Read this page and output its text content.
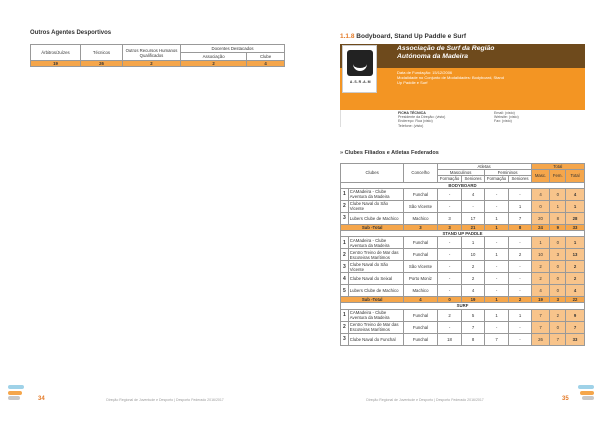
Outros Agentes Desportivos
Árbitros/Juízes	Técnicos	Outros Recursos Humanos Qualificados	Docentes Destacados	
			Associação	Clube
19	26	2	2	4
34	Direção Regional de Juventude e Desporto | Desporto Federado 2016/2017
1.1.8 Bodyboard, Stand Up Paddle e Surf
Associação de Surf da Região Autónoma da Madeira
Data de Fundação: 15/12/2006
Modalidade no Conjunto de Modalidades: Bodyboard, Stand
Up Paddle e Surf
FICHA TÉCNICA
Presidente da Direção: (visto)
Endereço: Rua (visto)
Telefone: (visto)
Email: (visto)
Website: (visto)
Fax: (visto)
A.S.R.A.M
» Clubes Filiados e Atletas Federados
Clubes		Concelho	Atletas				Total		
			Masculinos		Femininos		Masc.	Fem.	Total
			Formação	Seniores	Formação	Seniores			
BODYBOARD									
1	CAMadeira - Clube Aventura da Madeira	Funchal	-	4	-	-	4	0	4
2	Clube Naval do São Vicente	São Vicente	-	-	-	1	0	1	1
3	Lubers Clube de Machico	Machico	3	17	1	7	20	8	28
Sub -Total		3	3	21	1	8	24	9	33
STAND UP PADDLE									
1	CAMadeira - Clube Aventura da Madeira	Funchal	-	1	-	-	1	0	1
2	Centro Treino de Mar das Escoteiras Marítimos	Funchal	-	10	1	2	10	3	13
3	Clube Naval do São Vicente	São Vicente	-	2	-	-	2	0	2
4	Clube Naval do Seixal	Porto Moniz	-	2	-	-	2	0	2
5	Lubers Clube de Machico	Machico	-	4	-	-	4	0	4
Sub -Total		4	0	19	1	2	19	3	22
SURF									
1	CAMadeira - Clube Aventura da Madeira	Funchal	2	5	1	1	7	2	9
2	Centro Treino de Mar das Escoteiras Marítimos	Funchal	-	7	-	-	7	0	7
3	Clube Naval do Funchal	Funchal	18	8	7	-	26	7	33
35
Direção Regional de Juventude e Desporto | Desporto Federado 2016/2017
